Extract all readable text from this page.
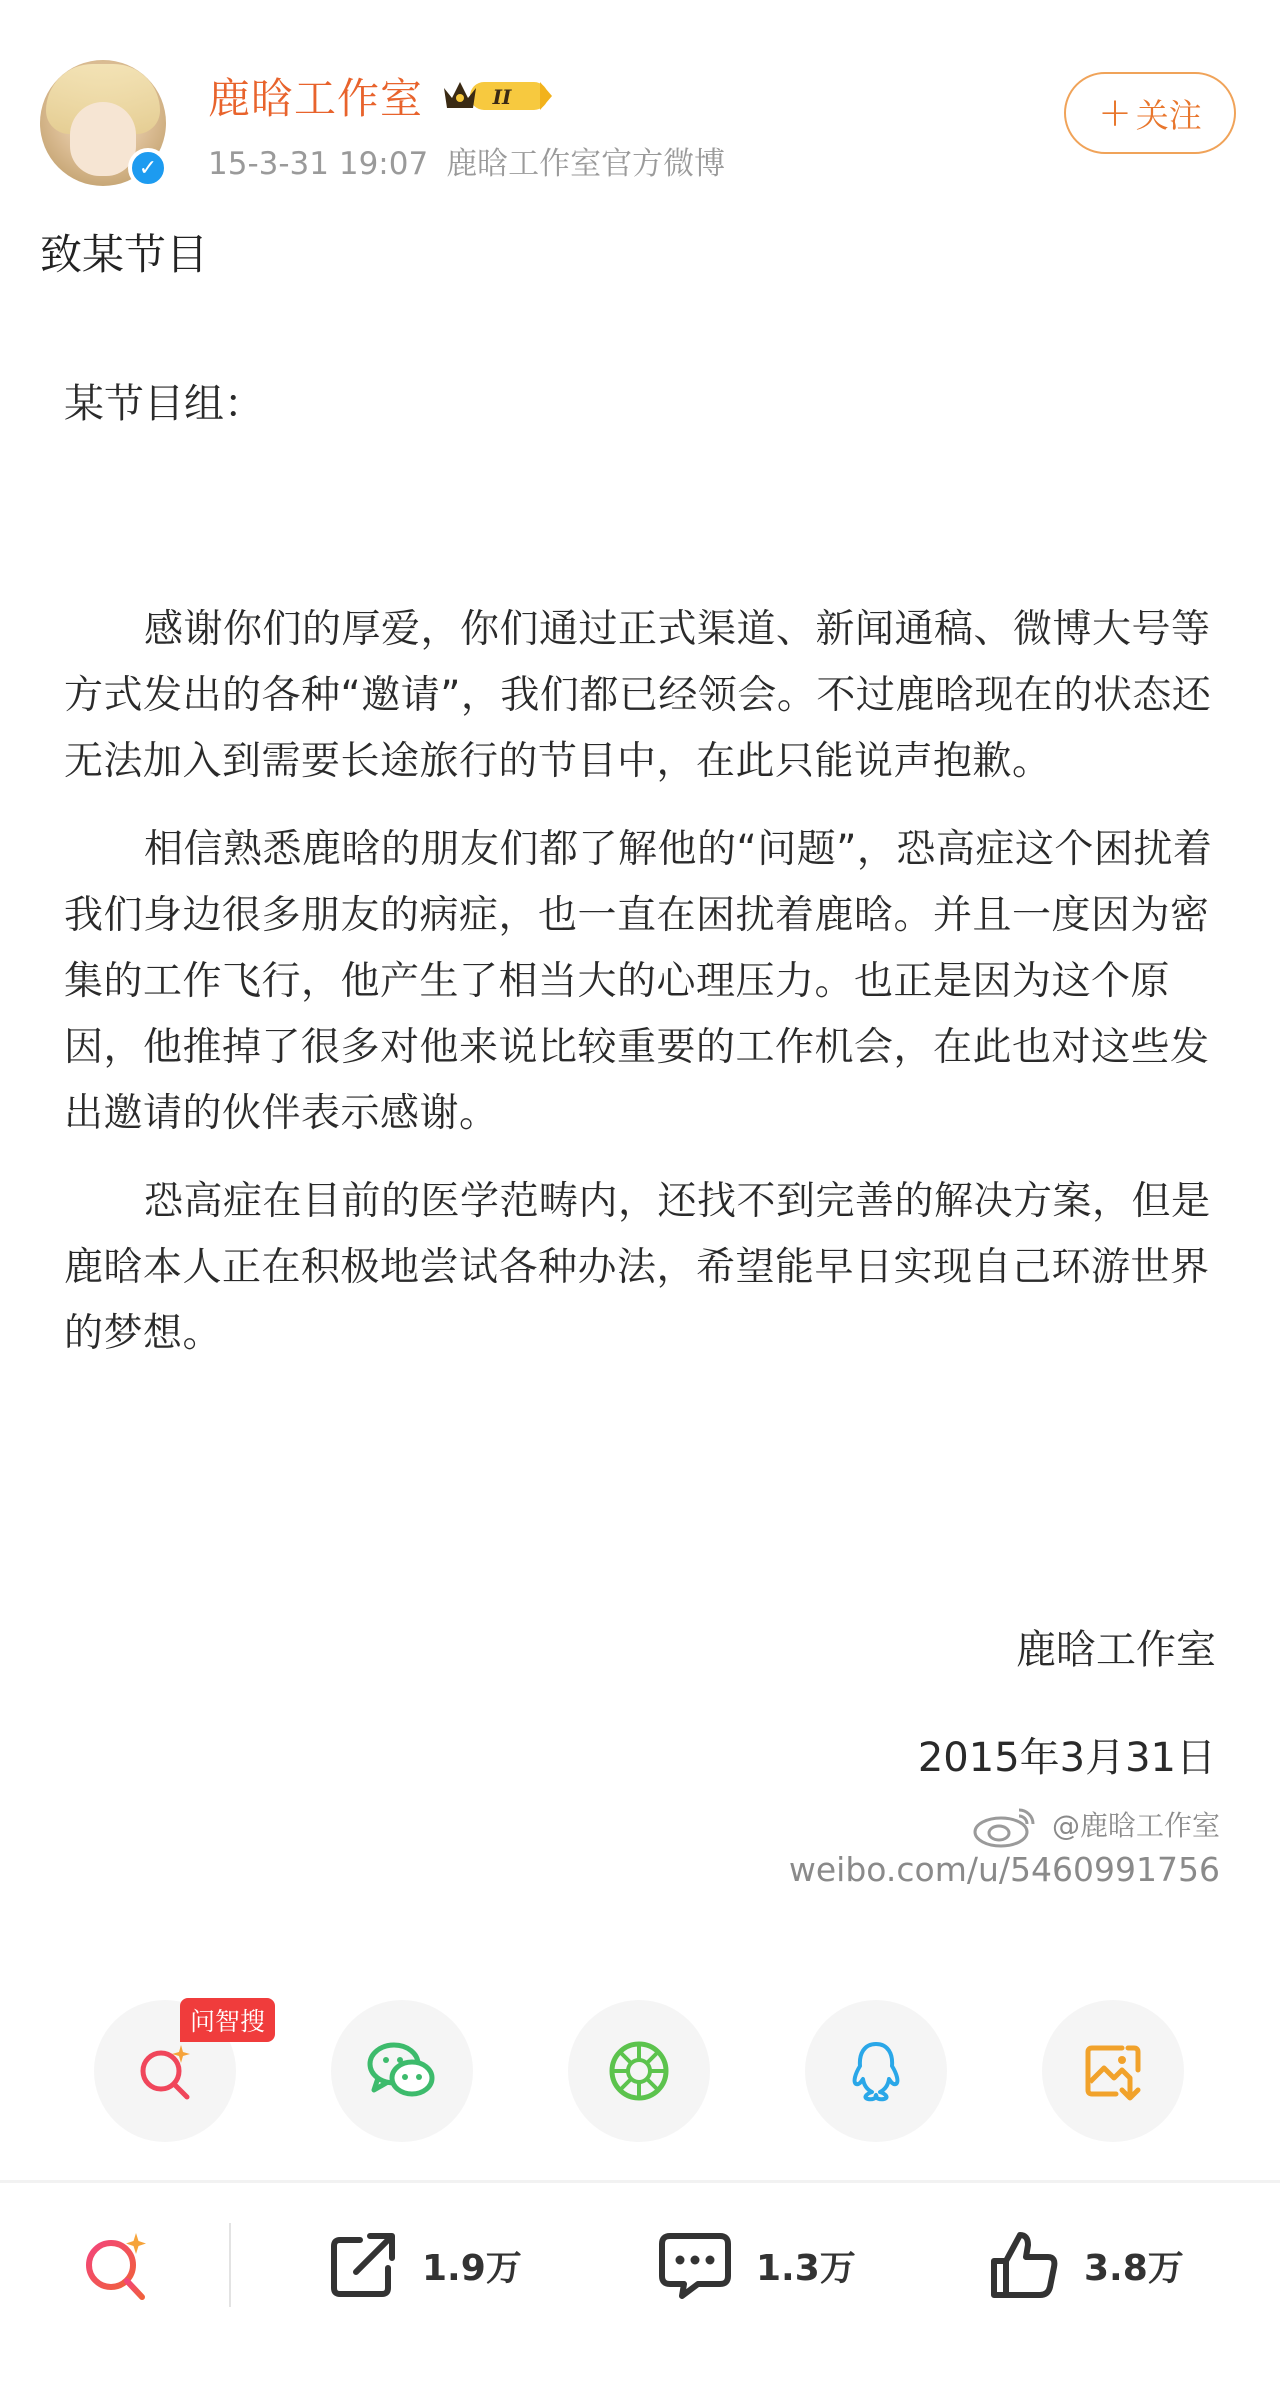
✓
鹿晗工作室	II
15-3-31 19:07 鹿晗工作室官方微博
+ 关注
致某节目
某节目组：

感谢你们的厚爱，你们通过正式渠道、新闻通稿、微博大号等方式发出的各种“邀请”，我们都已经领会。不过鹿晗现在的状态还无法加入到需要长途旅行的节目中，在此只能说声抱歉。

相信熟悉鹿晗的朋友们都了解他的“问题”，恐高症这个困扰着我们身边很多朋友的病症，也一直在困扰着鹿晗。并且一度因为密集的工作飞行，他产生了相当大的心理压力。也正是因为这个原因，他推掉了很多对他来说比较重要的工作机会，在此也对这些发出邀请的伙伴表示感谢。

恐高症在目前的医学范畴内，还找不到完善的解决方案，但是鹿晗本人正在积极地尝试各种办法，希望能早日实现自己环游世界的梦想。

鹿晗工作室
2015年3月31日
@鹿晗工作室
weibo.com/u/5460991756
问智搜
1.9万	1.3万	3.8万
